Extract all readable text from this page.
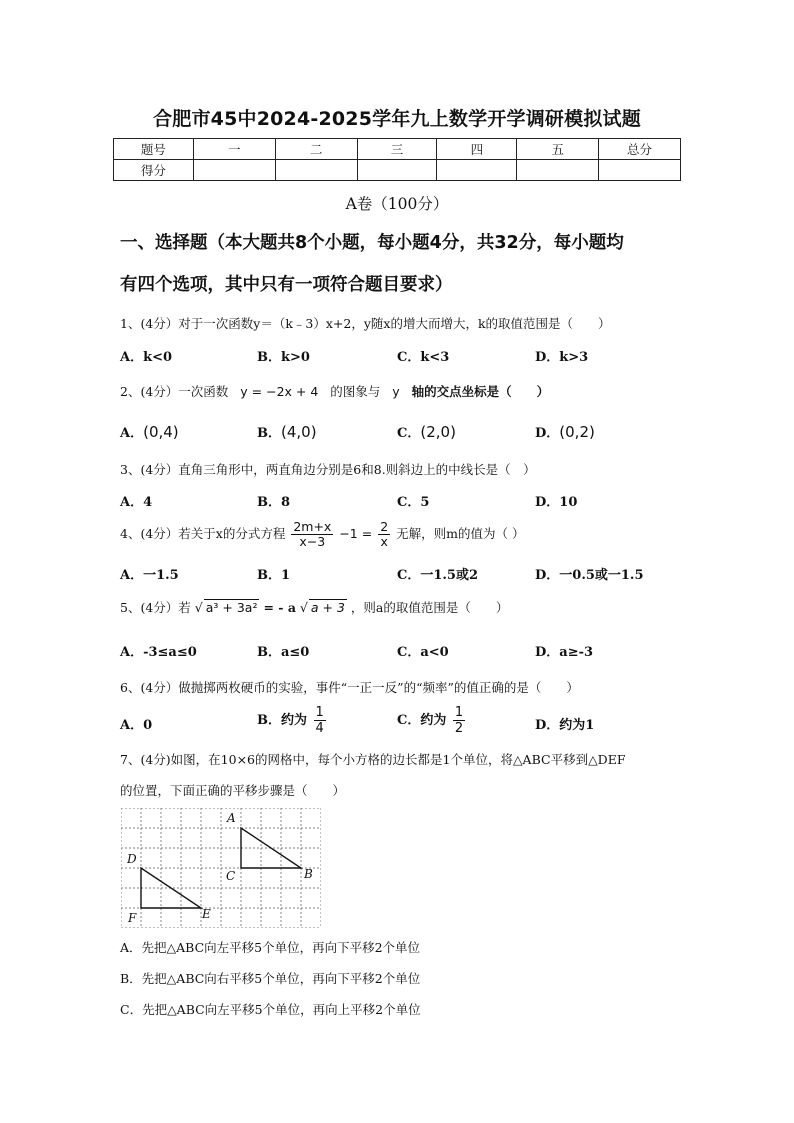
合肥市45中2024-2025学年九上数学开学调研模拟试题
题号	一	二	三	四	五	总分
得分						
A卷（100分）
一、选择题（本大题共8个小题，每小题4分，共32分，每小题均
有四个选项，其中只有一项符合题目要求）
1、(4分）对于一次函数y＝（k﹣3）x+2，y随x的增大而增大，k的取值范围是（　　）
A．k<0	B．k>0	C．k<3	D．k>3
2、(4分）一次函数 y = −2x + 4 的图象与 y 轴的交点坐标是（　　）
A．(0,4)	B．(4,0)	C．(2,0)	D．(0,2)
3、(4分）直角三角形中，两直角边分别是6和8.则斜边上的中线长是（　）
A．4	B．8	C．5	D．10
4、(4分）若关于x的分式方程 $\frac{2m+x}{x-3} -1 = \frac{2}{x}$ 无解，则m的值为（ ）
A．一1.5	B．1	C．一1.5或2	D．一0.5或一1.5
5、(4分）若 √ a³ + 3a² = - a √ a + 3 ，则a的取值范围是（　　）
A．-3≤a≤0	B．a≤0	C．a<0	D．a≥-3
6、(4分）做抛掷两枚硬币的实验，事件“一正一反”的“频率”的值正确的是（　　）
A．0	B．约为 $\frac{1}{4}$	C．约为 $\frac{1}{2}$	D．约为1
7、(4分)如图，在10×6的网格中，每个小方格的边长都是1个单位，将△ABC平移到△DEF
的位置，下面正确的平移步骤是（　　）
A
B
C
D
E
F
A．先把△ABC向左平移5个单位，再向下平移2个单位
B．先把△ABC向右平移5个单位，再向下平移2个单位
C．先把△ABC向左平移5个单位，再向上平移2个单位
